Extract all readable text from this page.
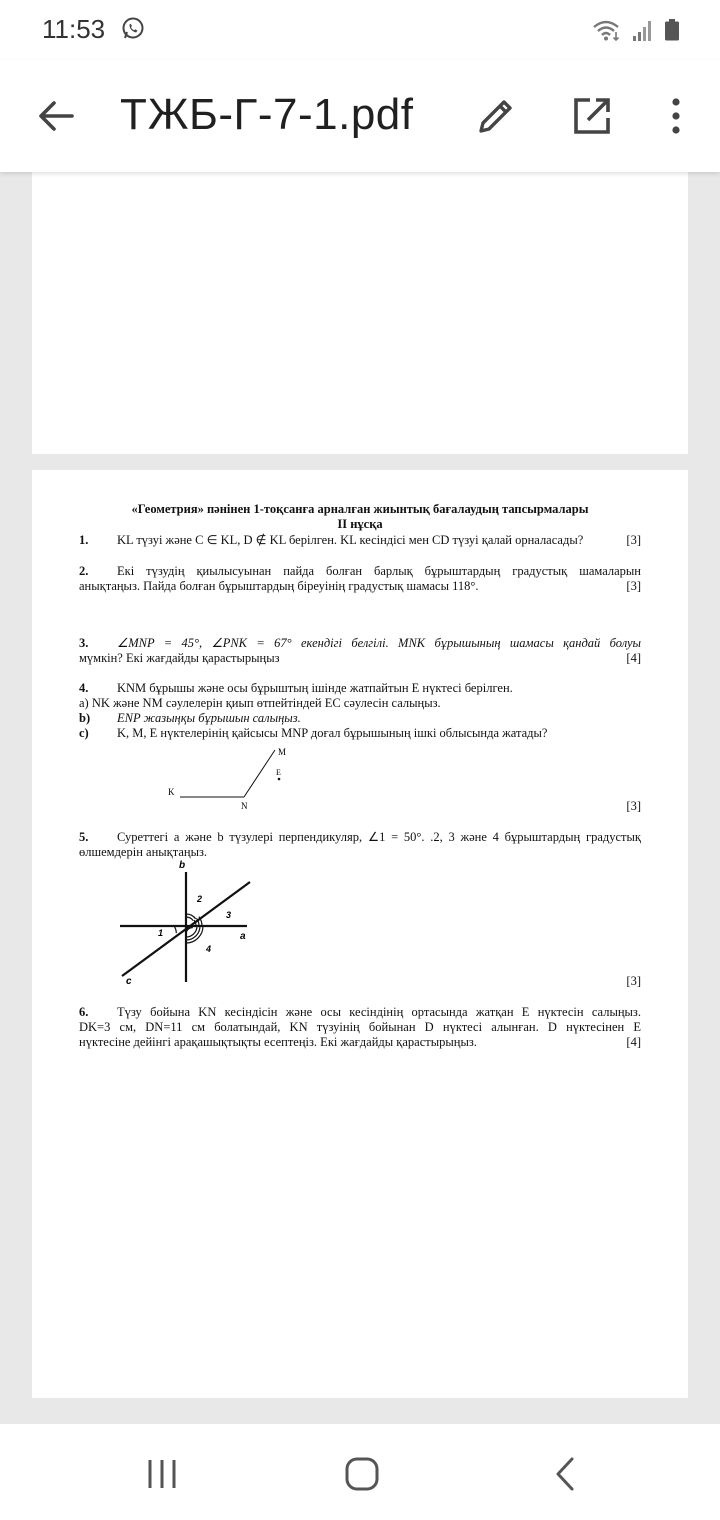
11:53
ТЖБ-Г-7-1.pdf
«Геометрия» пәнінен 1-тоқсанға арналған жиынтық бағалаудың тапсырмалары
ІІ нұсқа
1. KL түзуі және C ∈ KL, D ∉ KL берілген. KL кесіндісі мен CD түзуі қалай орналасады?	[3]
2. Екі түзудің қиылысуынан пайда болған барлық бұрыштардың градустық шамаларын
анықтаңыз. Пайда болған бұрыштардың біреуінің градустық шамасы 118°.	[3]
3. ∠MNP = 45°, ∠PNK = 67° екендігі белгілі. MNK бұрышының шамасы қандай болуы
мүмкін? Екі жағдайды қарастырыңыз	[4]
4. KNM бұрышы және осы бұрыштың ішінде жатпайтын E нүктесі берілген.
a) NK және NM сәулелерін қиып өтпейтіндей EC сәулесін салыңыз.
b) ENP жазыңқы бұрышын салыңыз.
c) K, M, E нүктелерінің қайсысы MNP доғал бұрышының ішкі облысында жатады?
K
N
M
E
[3]
5. Суреттегі a және b түзулері перпендикуляр, ∠1 = 50°. .2, 3 және 4 бұрыштардың градустық
өлшемдерін анықтаңыз.
b
a
c
1
2
3
4
[3]
6. Түзу бойына KN кесіндісін және осы кесіндінің ортасында жатқан E нүктесін салыңыз.
DK=3 см, DN=11 см болатындай, KN түзуінің бойынан D нүктесі алынған. D нүктесінен E
нүктесіне дейінгі арақашықтықты есептеңіз. Екі жағдайды қарастырыңыз.	[4]
